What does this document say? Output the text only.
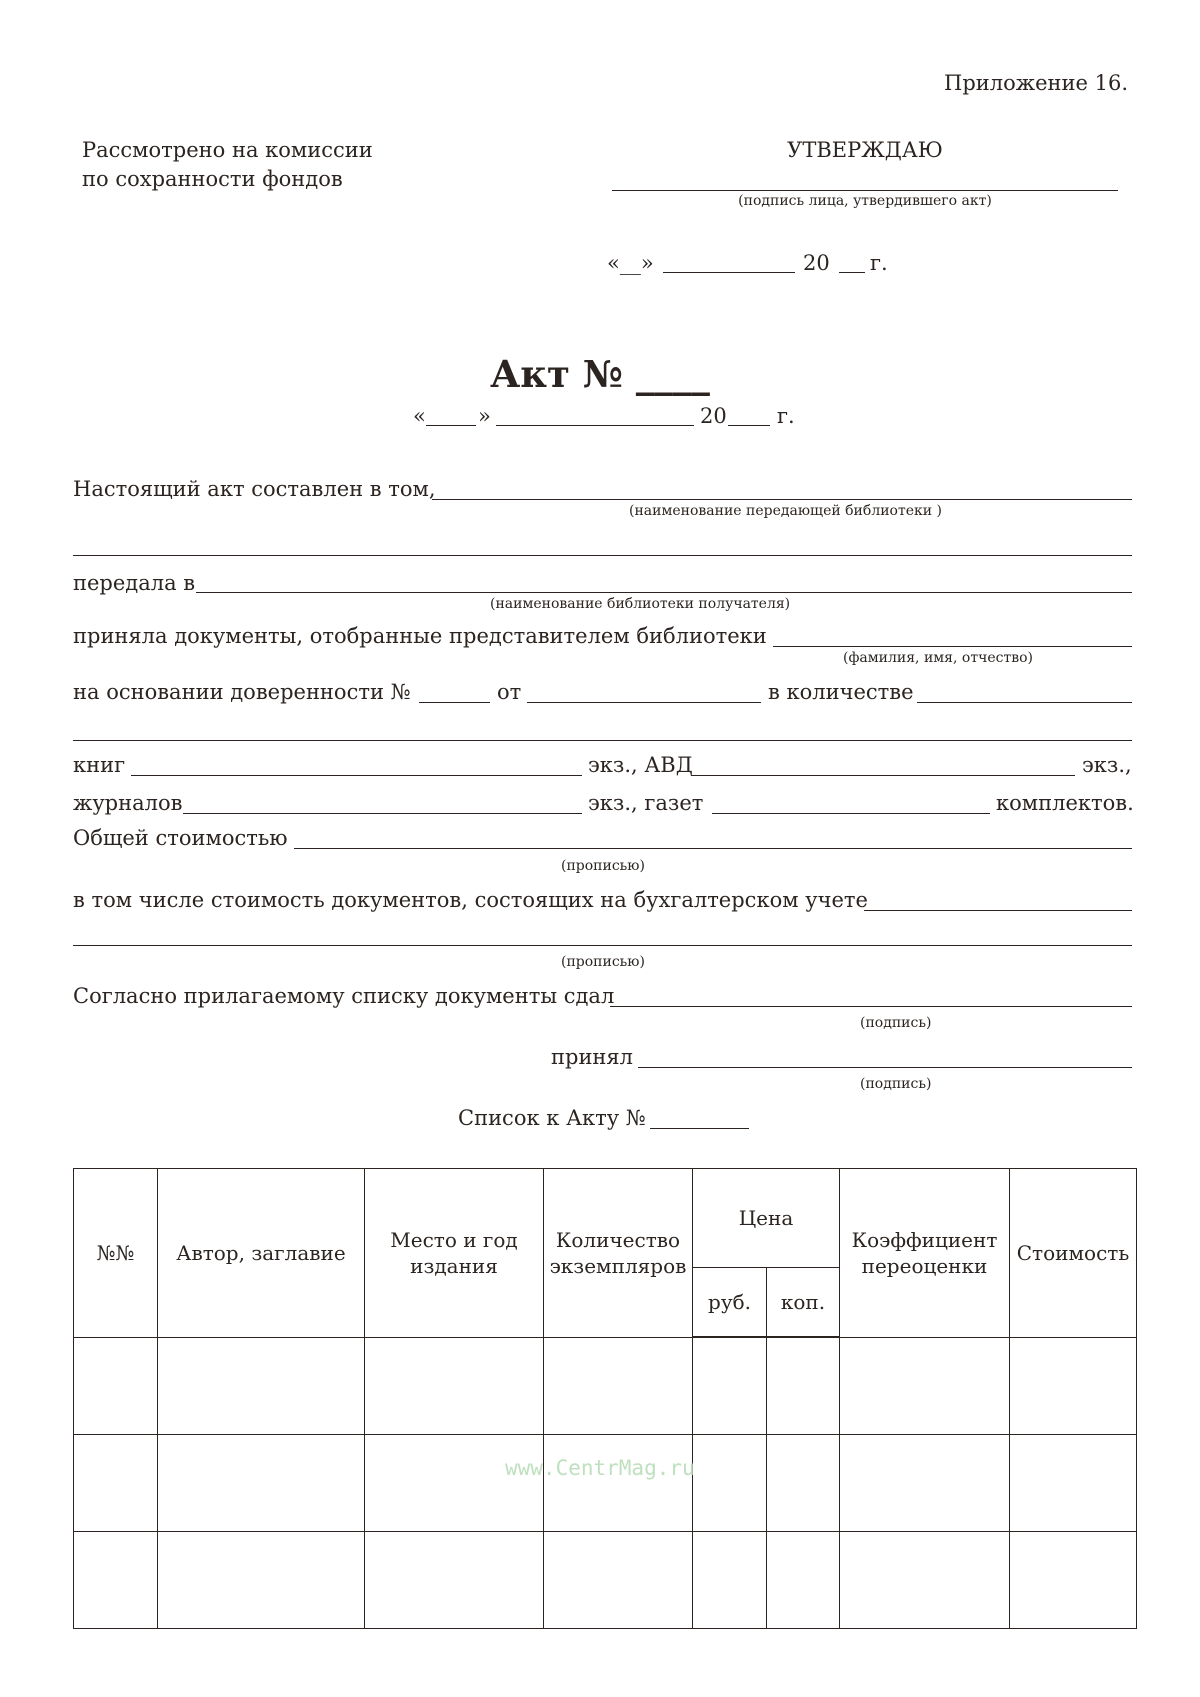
Приложение 16.
Рассмотрено на комиссии
по сохранности фондов
УТВЕРЖДАЮ
(подпись лица, утвердившего акт)
«__»	20 г.
Акт № ____
« »	20 г.
Настоящий акт составлен в том,
(наименование передающей библиотеки )
передала в
(наименование библиотеки получателя)
приняла документы, отобранные представителем библиотеки
(фамилия, имя, отчество)
на основании доверенности №	от	в количестве
книг	экз., АВД	экз.,
журналов	экз., газет	комплектов.
Общей стоимостью
(прописью)
в том числе стоимость документов, состоящих на бухгалтерском учете
(прописью)
Согласно прилагаемому списку документы сдал
(подпись)
принял
(подпись)
Список к Акту №
№№	Автор, заглавие	Место и год издания	Количество экземпляров	Цена		Коэффициент переоценки	Стоимость
				руб.	коп.		

www.CentrMag.ru
